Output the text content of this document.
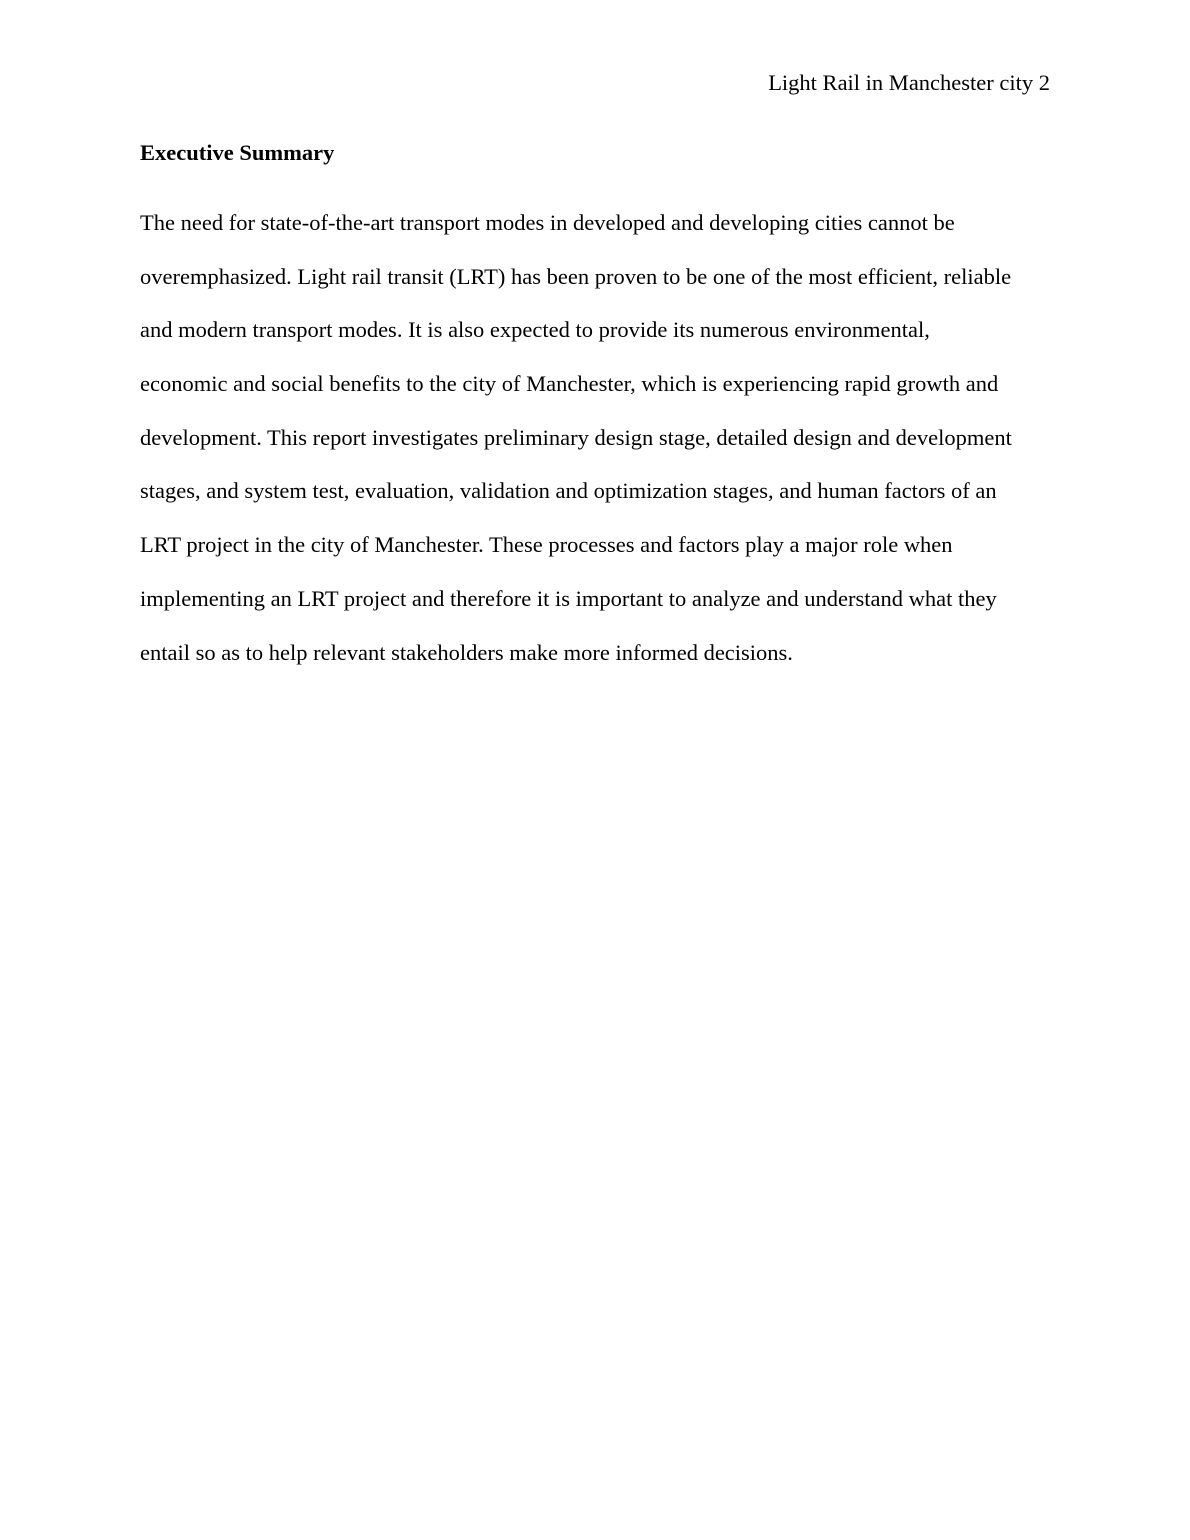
Light Rail in Manchester city 2
Executive Summary
The need for state-of-the-art transport modes in developed and developing cities cannot be
overemphasized. Light rail transit (LRT) has been proven to be one of the most efficient, reliable
and modern transport modes. It is also expected to provide its numerous environmental,
economic and social benefits to the city of Manchester, which is experiencing rapid growth and
development. This report investigates preliminary design stage, detailed design and development
stages, and system test, evaluation, validation and optimization stages, and human factors of an
LRT project in the city of Manchester. These processes and factors play a major role when
implementing an LRT project and therefore it is important to analyze and understand what they
entail so as to help relevant stakeholders make more informed decisions.
